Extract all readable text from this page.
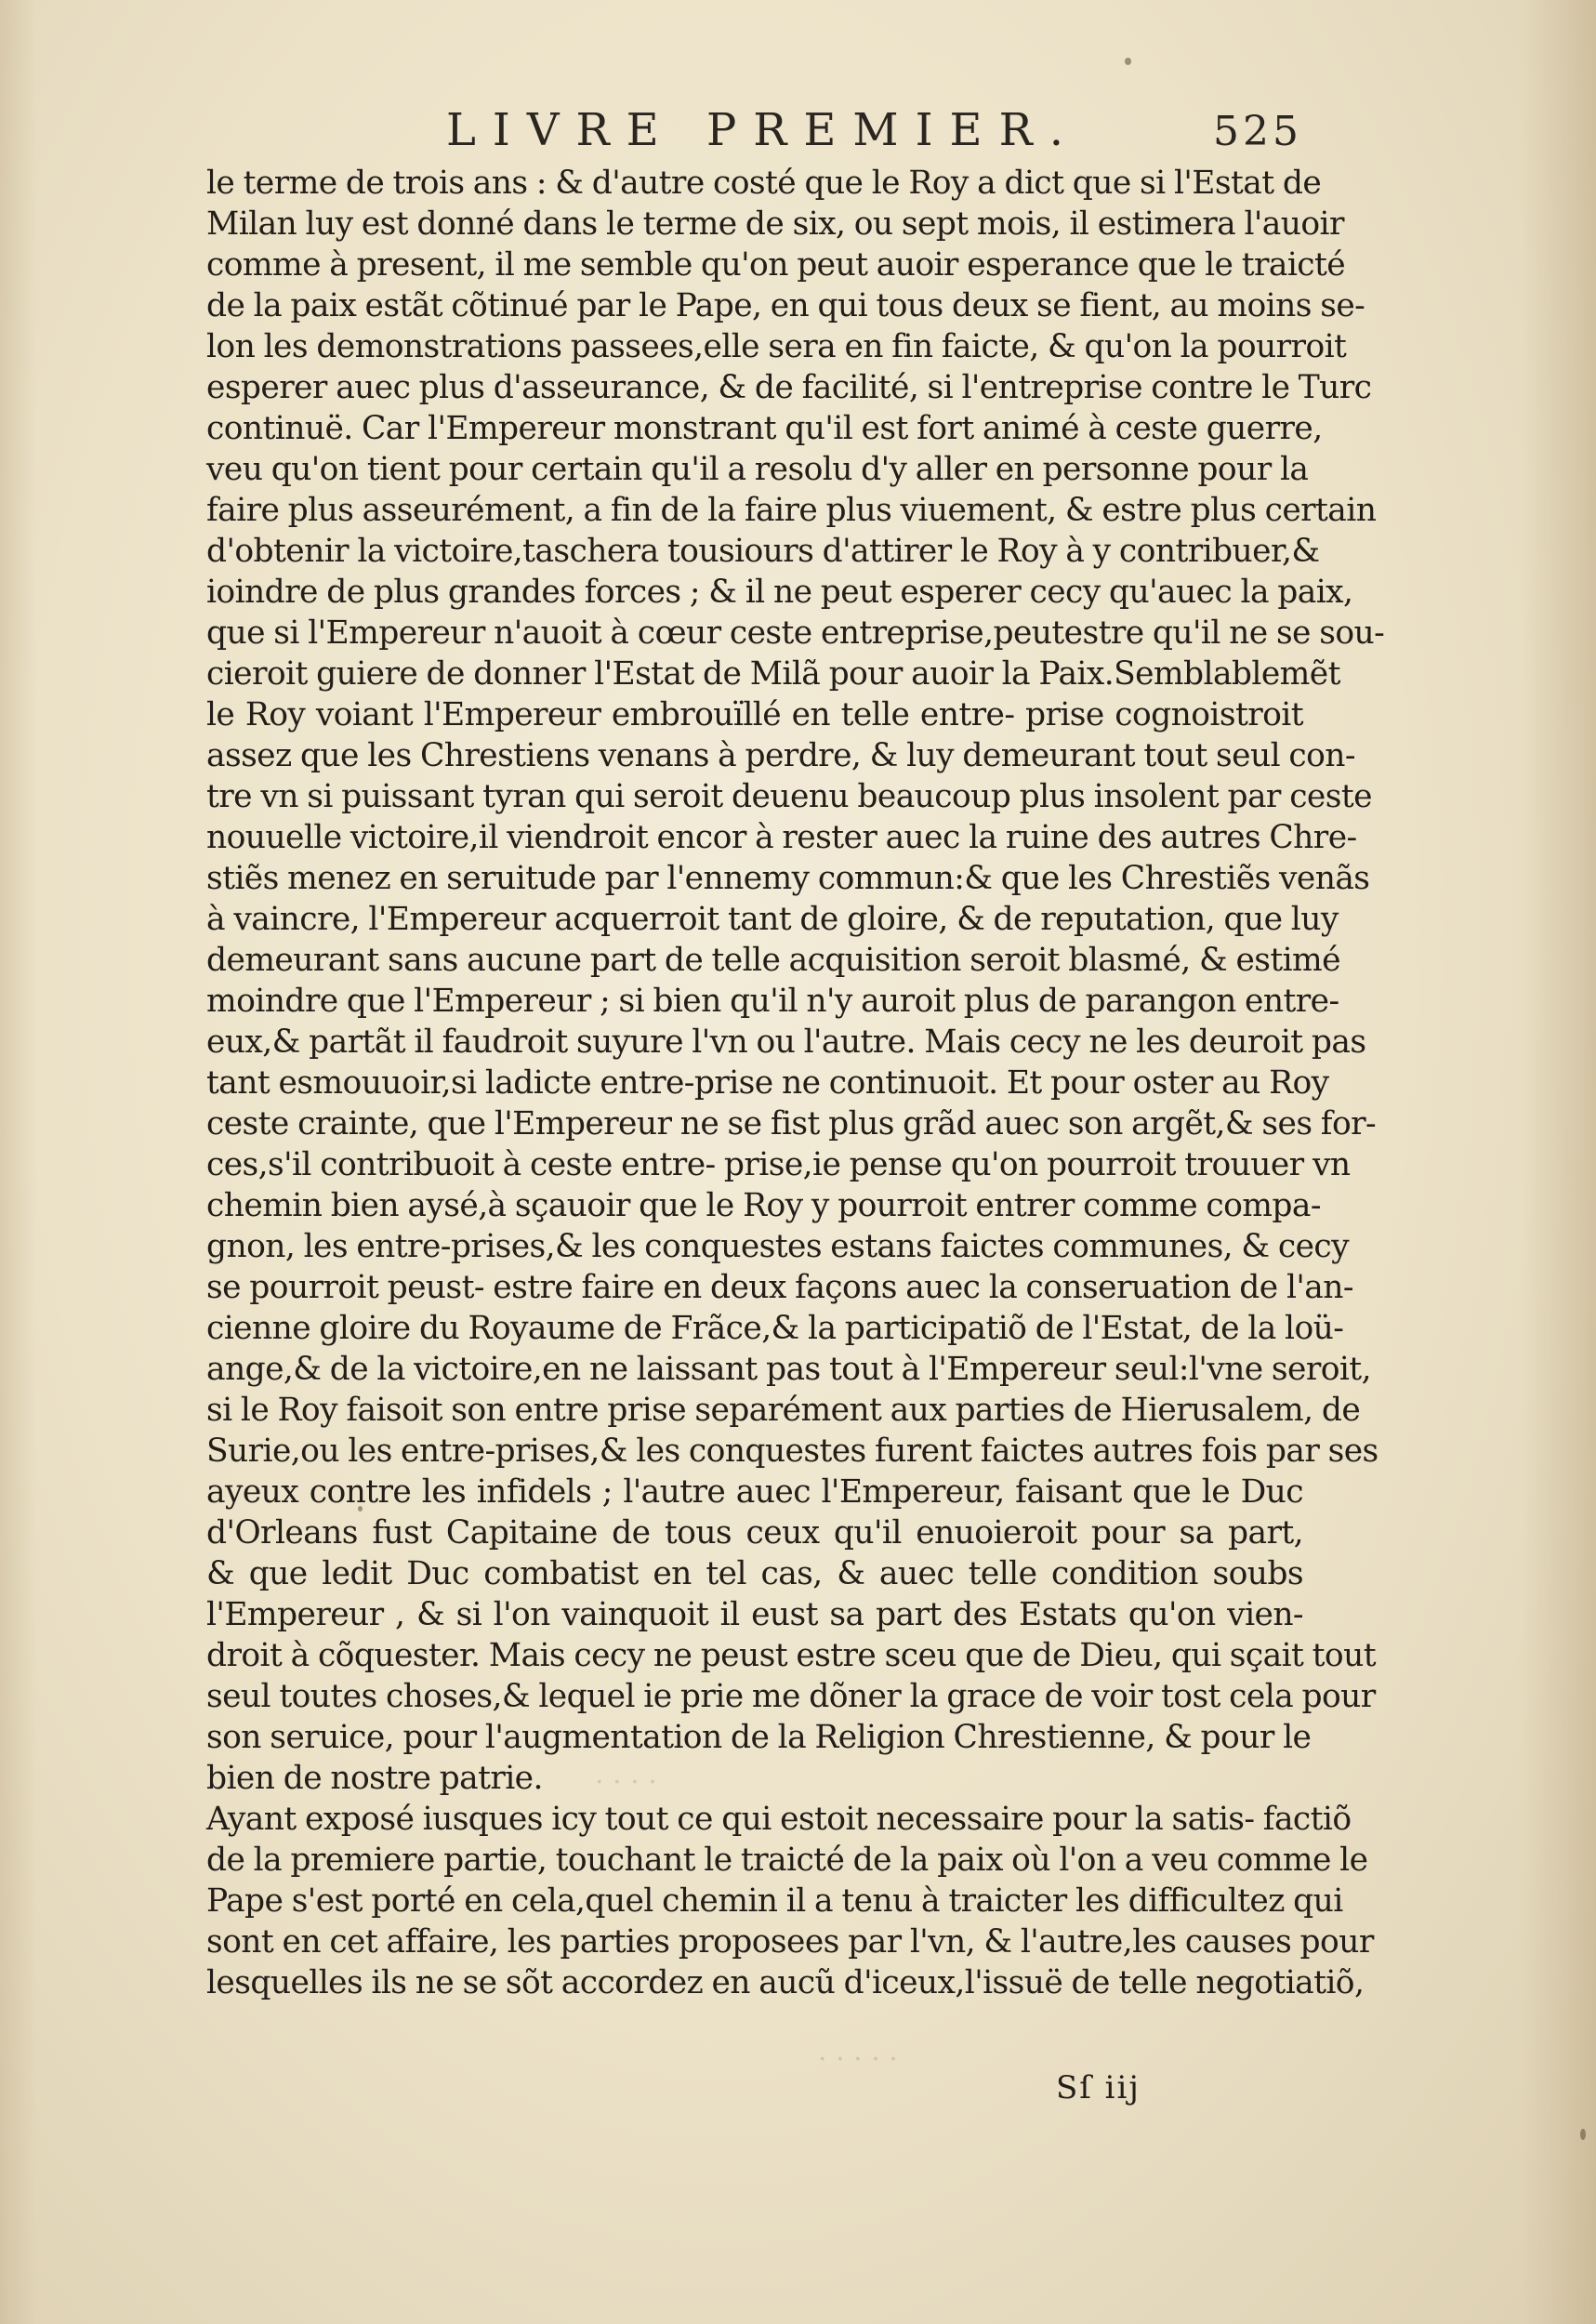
LIVRE PREMIER.	525
· · · ·
· · · · ·
le terme de trois ans : & d'autre costé que le Roy a dict que si l'Estat de
Milan luy est donné dans le terme de six, ou sept mois, il estimera l'auoir
comme à present, il me semble qu'on peut auoir esperance que le traicté
de la paix estãt cõtinué par le Pape, en qui tous deux se fient, au moins se-
lon les demonstrations passees,elle sera en fin faicte, & qu'on la pourroit
esperer auec plus d'asseurance, & de facilité, si l'entreprise contre le Turc
continuë. Car l'Empereur monstrant qu'il est fort animé à ceste guerre,
veu qu'on tient pour certain qu'il a resolu d'y aller en personne pour la
faire plus asseurément, a fin de la faire plus viuement, & estre plus certain
d'obtenir la victoire,taschera tousiours d'attirer le Roy à y contribuer,&
ioindre de plus grandes forces ; & il ne peut esperer cecy qu'auec la paix,
que si l'Empereur n'auoit à cœur ceste entreprise,peutestre qu'il ne se sou-
cieroit guiere de donner l'Estat de Milã pour auoir la Paix.Semblablemẽt
le Roy voiant l'Empereur embrouïllé en telle entre- prise cognoistroit
assez que les Chrestiens venans à perdre, & luy demeurant tout seul con-
tre vn si puissant tyran qui seroit deuenu beaucoup plus insolent par ceste
nouuelle victoire,il viendroit encor à rester auec la ruine des autres Chre-
stiẽs menez en seruitude par l'ennemy commun:& que les Chrestiẽs venãs
à vaincre, l'Empereur acquerroit tant de gloire, & de reputation, que luy
demeurant sans aucune part de telle acquisition seroit blasmé, & estimé
moindre que l'Empereur ; si bien qu'il n'y auroit plus de parangon entre-
eux,& partãt il faudroit suyure l'vn ou l'autre. Mais cecy ne les deuroit pas
tant esmouuoir,si ladicte entre-prise ne continuoit. Et pour oster au Roy
ceste crainte, que l'Empereur ne se fist plus grãd auec son argẽt,& ses for-
ces,s'il contribuoit à ceste entre- prise,ie pense qu'on pourroit trouuer vn
chemin bien aysé,à sçauoir que le Roy y pourroit entrer comme compa-
gnon, les entre-prises,& les conquestes estans faictes communes, & cecy
se pourroit peust- estre faire en deux façons auec la conseruation de l'an-
cienne gloire du Royaume de Frãce,& la participatiõ de l'Estat, de la loü-
ange,& de la victoire,en ne laissant pas tout à l'Empereur seul:l'vne seroit,
si le Roy faisoit son entre prise separément aux parties de Hierusalem, de
Surie,ou les entre-prises,& les conquestes furent faictes autres fois par ses
ayeux contre les infidels ; l'autre auec l'Empereur, faisant que le Duc
d'Orleans fust Capitaine de tous ceux qu'il enuoieroit pour sa part,
& que ledit Duc combatist en tel cas, & auec telle condition soubs
l'Empereur , & si l'on vainquoit il eust sa part des Estats qu'on vien-
droit à cõquester. Mais cecy ne peust estre sceu que de Dieu, qui sçait tout
seul toutes choses,& lequel ie prie me dõner la grace de voir tost cela pour
son seruice, pour l'augmentation de la Religion Chrestienne, & pour le
bien de nostre patrie.
Ayant exposé iusques icy tout ce qui estoit necessaire pour la satis- factiõ
de la premiere partie, touchant le traicté de la paix où l'on a veu comme le
Pape s'est porté en cela,quel chemin il a tenu à traicter les difficultez qui
sont en cet affaire, les parties proposees par l'vn, & l'autre,les causes pour
lesquelles ils ne se sõt accordez en aucũ d'iceux,l'issuë de telle negotiatiõ,
Sſ iij
